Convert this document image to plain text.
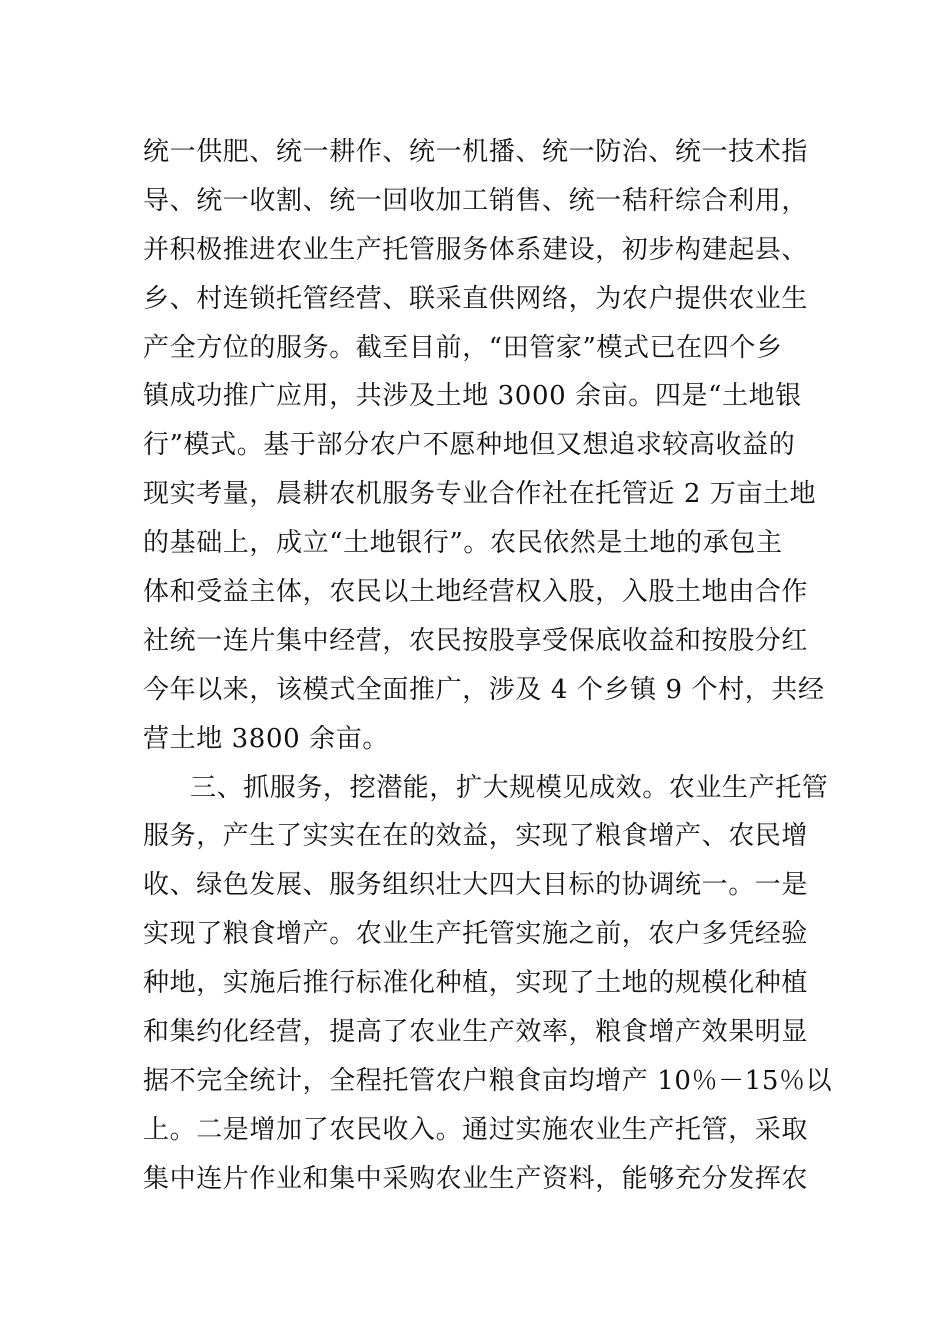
统一供肥、统一耕作、统一机播、统一防治、统一技术指
导、统一收割、统一回收加工销售、统一秸秆综合利用，
并积极推进农业生产托管服务体系建设，初步构建起县、
乡、村连锁托管经营、联采直供网络，为农户提供农业生
产全方位的服务。截至目前，“田管家”模式已在四个乡
镇成功推广应用，共涉及土地 3000 余亩。四是“土地银
行”模式。基于部分农户不愿种地但又想追求较高收益的
现实考量，晨耕农机服务专业合作社在托管近 2 万亩土地
的基础上，成立“土地银行”。农民依然是土地的承包主
体和受益主体，农民以土地经营权入股，入股土地由合作
社统一连片集中经营，农民按股享受保底收益和按股分红
今年以来，该模式全面推广，涉及 4 个乡镇 9 个村，共经
营土地 3800 余亩。
三、抓服务，挖潜能，扩大规模见成效。农业生产托管
服务，产生了实实在在的效益，实现了粮食增产、农民增
收、绿色发展、服务组织壮大四大目标的协调统一。一是
实现了粮食增产。农业生产托管实施之前，农户多凭经验
种地，实施后推行标准化种植，实现了土地的规模化种植
和集约化经营，提高了农业生产效率，粮食增产效果明显
据不完全统计，全程托管农户粮食亩均增产 10％－15％以
上。二是增加了农民收入。通过实施农业生产托管，采取
集中连片作业和集中采购农业生产资料，能够充分发挥农
